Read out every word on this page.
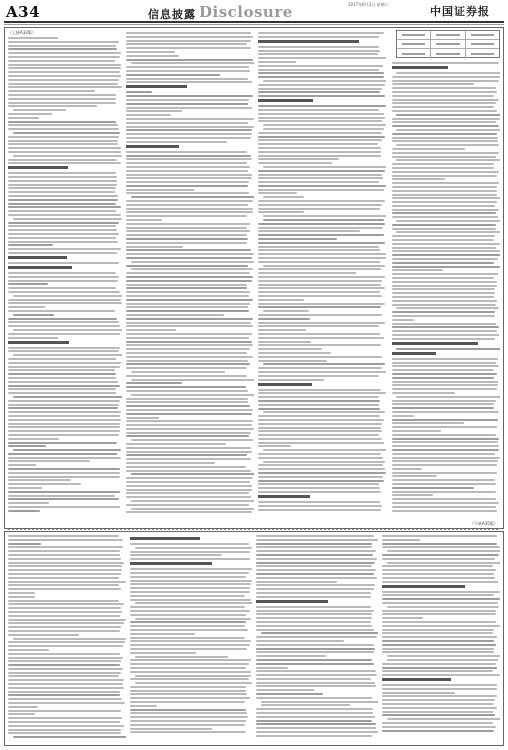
A34	信息披露 Disclosure	2017年6月3日 星期六
中国证券报
（上接A33版）
（下转A35版）
